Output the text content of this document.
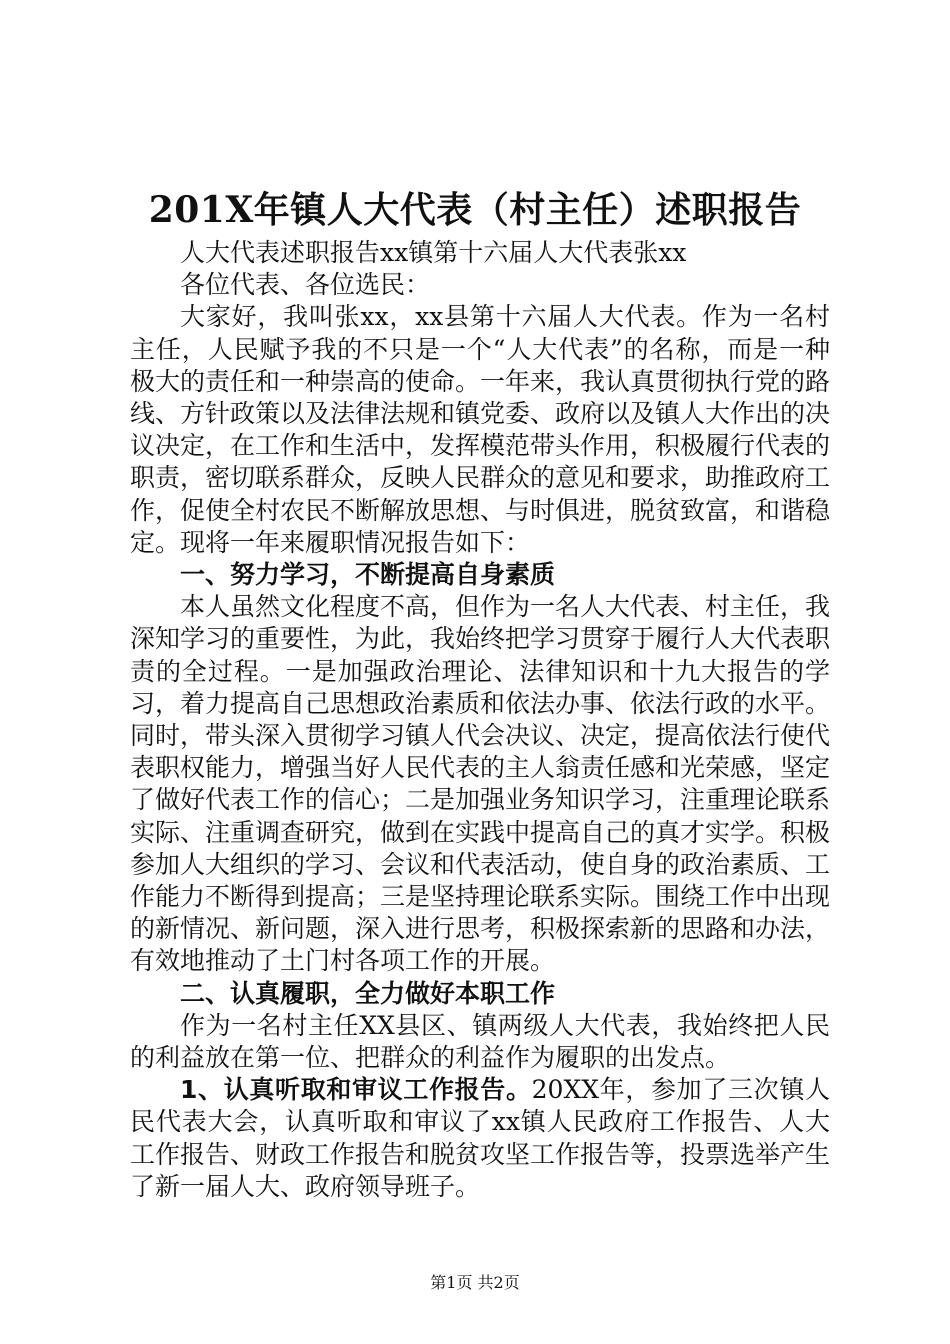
201X年镇人大代表（村主任）述职报告

人大代表述职报告xx镇第十六届人大代表张xx

各位代表、各位选民：

大家好，我叫张xx，xx县第十六届人大代表。作为一名村主任，人民赋予我的不只是一个“人大代表”的名称，而是一种极大的责任和一种崇高的使命。一年来，我认真贯彻执行党的路线、方针政策以及法律法规和镇党委、政府以及镇人大作出的决议决定，在工作和生活中，发挥模范带头作用，积极履行代表的职责，密切联系群众，反映人民群众的意见和要求，助推政府工作，促使全村农民不断解放思想、与时俱进，脱贫致富，和谐稳定。现将一年来履职情况报告如下：

一、努力学习，不断提高自身素质

本人虽然文化程度不高，但作为一名人大代表、村主任，我深知学习的重要性，为此，我始终把学习贯穿于履行人大代表职责的全过程。一是加强政治理论、法律知识和十九大报告的学习，着力提高自己思想政治素质和依法办事、依法行政的水平。同时，带头深入贯彻学习镇人代会决议、决定，提高依法行使代表职权能力，增强当好人民代表的主人翁责任感和光荣感，坚定了做好代表工作的信心；二是加强业务知识学习，注重理论联系实际、注重调查研究，做到在实践中提高自己的真才实学。积极参加人大组织的学习、会议和代表活动，使自身的政治素质、工作能力不断得到提高；三是坚持理论联系实际。围绕工作中出现的新情况、新问题，深入进行思考，积极探索新的思路和办法，有效地推动了土门村各项工作的开展。

二、认真履职，全力做好本职工作

作为一名村主任XX县区、镇两级人大代表，我始终把人民的利益放在第一位、把群众的利益作为履职的出发点。

1、认真听取和审议工作报告。20XX年，参加了三次镇人民代表大会，认真听取和审议了xx镇人民政府工作报告、人大工作报告、财政工作报告和脱贫攻坚工作报告等，投票选举产生了新一届人大、政府领导班子。

第1页 共2页
